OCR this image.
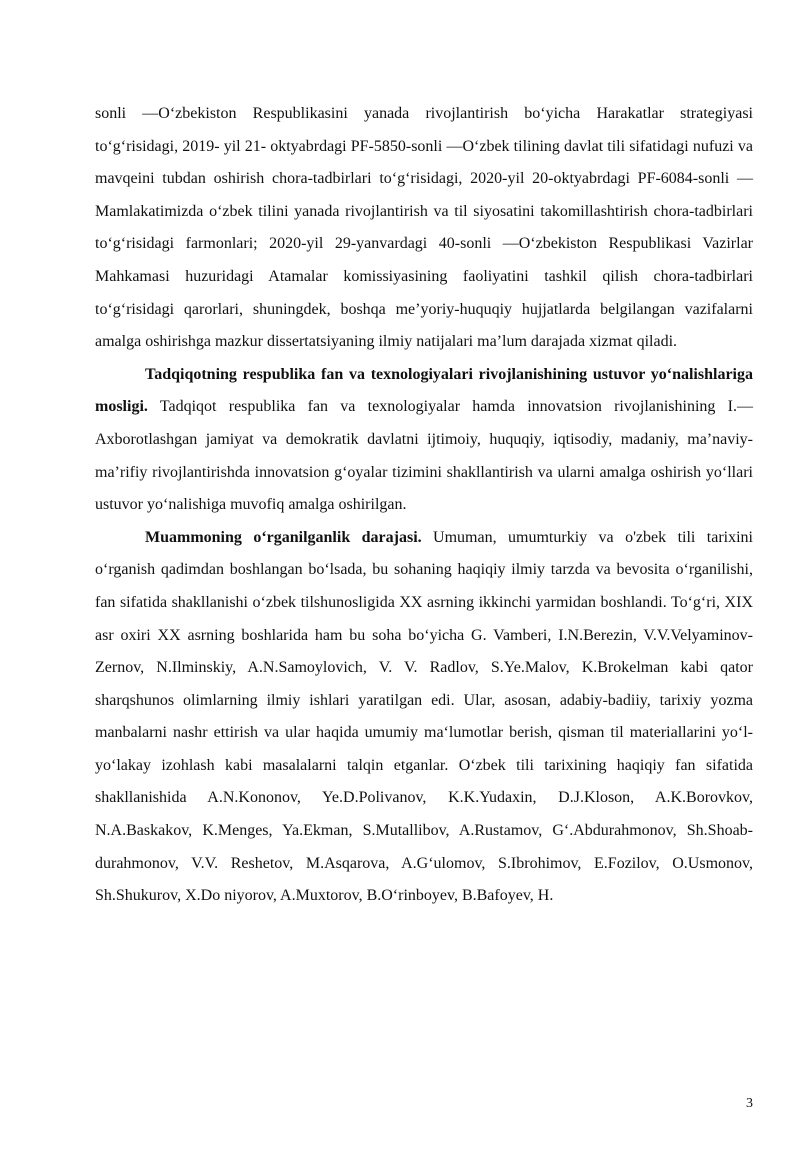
sonli —O‘zbekiston Respublikasini yanada rivojlantirish bo‘yicha Harakatlar strategiyasi to‘g‘risidagi, 2019- yil 21- oktyabrdagi PF-5850-sonli —O‘zbek tilining davlat tili sifatidagi nufuzi va mavqeini tubdan oshirish chora-tadbirlari to‘g‘risidagi, 2020-yil 20-oktyabrdagi PF-6084-sonli —Mamlakatimizda o‘zbek tilini yanada rivojlantirish va til siyosatini takomillashtirish chora-tadbirlari to‘g‘risidagi farmonlari; 2020-yil 29-yanvardagi 40-sonli —O‘zbekiston Respublikasi Vazirlar Mahkamasi huzuridagi Atamalar komissiyasining faoliyatini tashkil qilish chora-tadbirlari to‘g‘risidagi qarorlari, shuningdek, boshqa me’yoriy-huquqiy hujjatlarda belgilangan vazifalarni amalga oshirishga mazkur dissertatsiyaning ilmiy natijalari ma’lum darajada xizmat qiladi.

Tadqiqotning respublika fan va texnologiyalari rivojlanishining ustuvor yo‘nalishlariga mosligi. Tadqiqot respublika fan va texnologiyalar hamda innovatsion rivojlanishining I.—Axborotlashgan jamiyat va demokratik davlatni ijtimoiy, huquqiy, iqtisodiy, madaniy, ma’naviy-ma’rifiy rivojlantirishda innovatsion g‘oyalar tizimini shakllantirish va ularni amalga oshirish yo‘llari ustuvor yo‘nalishiga muvofiq amalga oshirilgan.

Muammoning o‘rganilganlik darajasi. Umuman, umumturkiy va o'zbek tili tarixini o‘rganish qadimdan boshlangan bo‘lsada, bu sohaning haqiqiy ilmiy tarzda va bevosita o‘rganilishi, fan sifatida shakllanishi o‘zbek tilshunosligida XX asrning ikkinchi yarmidan boshlandi. To‘g‘ri, XIX asr oxiri XX asrning boshlarida ham bu soha bo‘yicha G. Vamberi, I.N.Berezin, V.V.Velyaminov-Zernov, N.Ilminskiy, A.N.Samoylovich, V. V. Radlov, S.Ye.Malov, K.Brokelman kabi qator sharqshunos olimlarning ilmiy ishlari yaratilgan edi. Ular, asosan, adabiy-badiiy, tarixiy yozma manbalarni nashr ettirish va ular haqida umumiy ma‘lumotlar berish, qisman til materiallarini yo‘l-yo‘lakay izohlash kabi masalalarni talqin etganlar. O‘zbek tili tarixining haqiqiy fan sifatida shakllanishida A.N.Kononov, Ye.D.Polivanov, K.K.Yudaxin, D.J.Kloson, A.K.Borovkov, N.A.Baskakov, K.Menges, Ya.Ekman, S.Mutallibov, A.Rustamov, G‘.Abdurahmonov, Sh.Shoab-durahmonov, V.V. Reshetov, M.Asqarova, A.G‘ulomov, S.Ibrohimov, E.Fozilov, O.Usmonov, Sh.Shukurov, X.Do niyorov, A.Muxtorov, B.O‘rinboyev, B.Bafoyev, H.

3
